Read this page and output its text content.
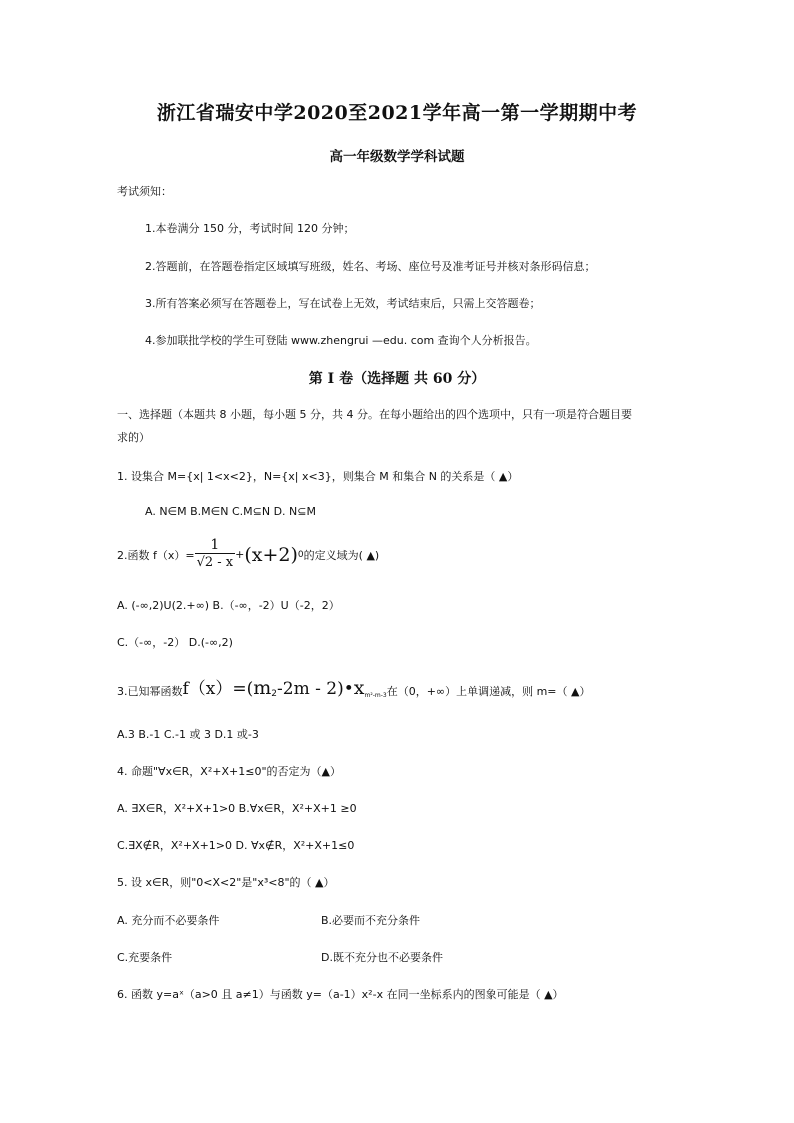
浙江省瑞安中学2020至2021学年高一第一学期期中考
高一年级数学学科试题
考试须知：
1.本卷满分 150 分，考试时间 120 分钟；
2.答题前，在答题卷指定区域填写班级，姓名、考场、座位号及准考证号并核对条形码信息；
3.所有答案必须写在答题卷上，写在试卷上无效，考试结束后，只需上交答题卷；
4.参加联批学校的学生可登陆 www.zhengrui —edu. com 查询个人分析报告。
第 I 卷（选择题 共 60 分）
一、选择题（本题共 8 小题，每小题 5 分，共 4 分。在每小题给出的四个选项中，只有一项是符合题目要
求的）
1. 设集合 M={x| 1<x<2}，N={x| x<3}，则集合 M 和集合 N 的关系是（ ▲）
A. N∈M B.M∈N C.M⊆N D. N⊆M
2.函数 $f(x)= \frac{1}{√2 - x} + (x+2)$ 0 的定义域为( ▲)
A. (-∞,2)U(2.+∞) B.（-∞，-2）U（-2，2）
C.（-∞，-2） D.(-∞,2)
3.已知幂函数 f（x）=( $m_2$ -2m - 2)• $x_{m^2-m-3}$ 在（0，+∞）上单调递减，则 m=（ ▲）
A.3 B.-1 C.-1 或 3 D.1 或-3
4. 命题"∀x∈R，X²+X+1≤0"的否定为（▲）
A. ∃X∈R，X²+X+1>0 B.∀x∈R，X²+X+1 ≥0
C.∃X∉R，X²+X+1>0 D. ∀x∉R，X²+X+1≤0
5. 设 x∈R，则"0<X<2"是"x³<8"的（ ▲）
A. 充分而不必要条件	B.必要而不充分条件
C.充要条件	D.既不充分也不必要条件
6. 函数 y=aˣ（a>0 且 a≠1）与函数 y=（a-1）x²-x 在同一坐标系内的图象可能是（ ▲）
